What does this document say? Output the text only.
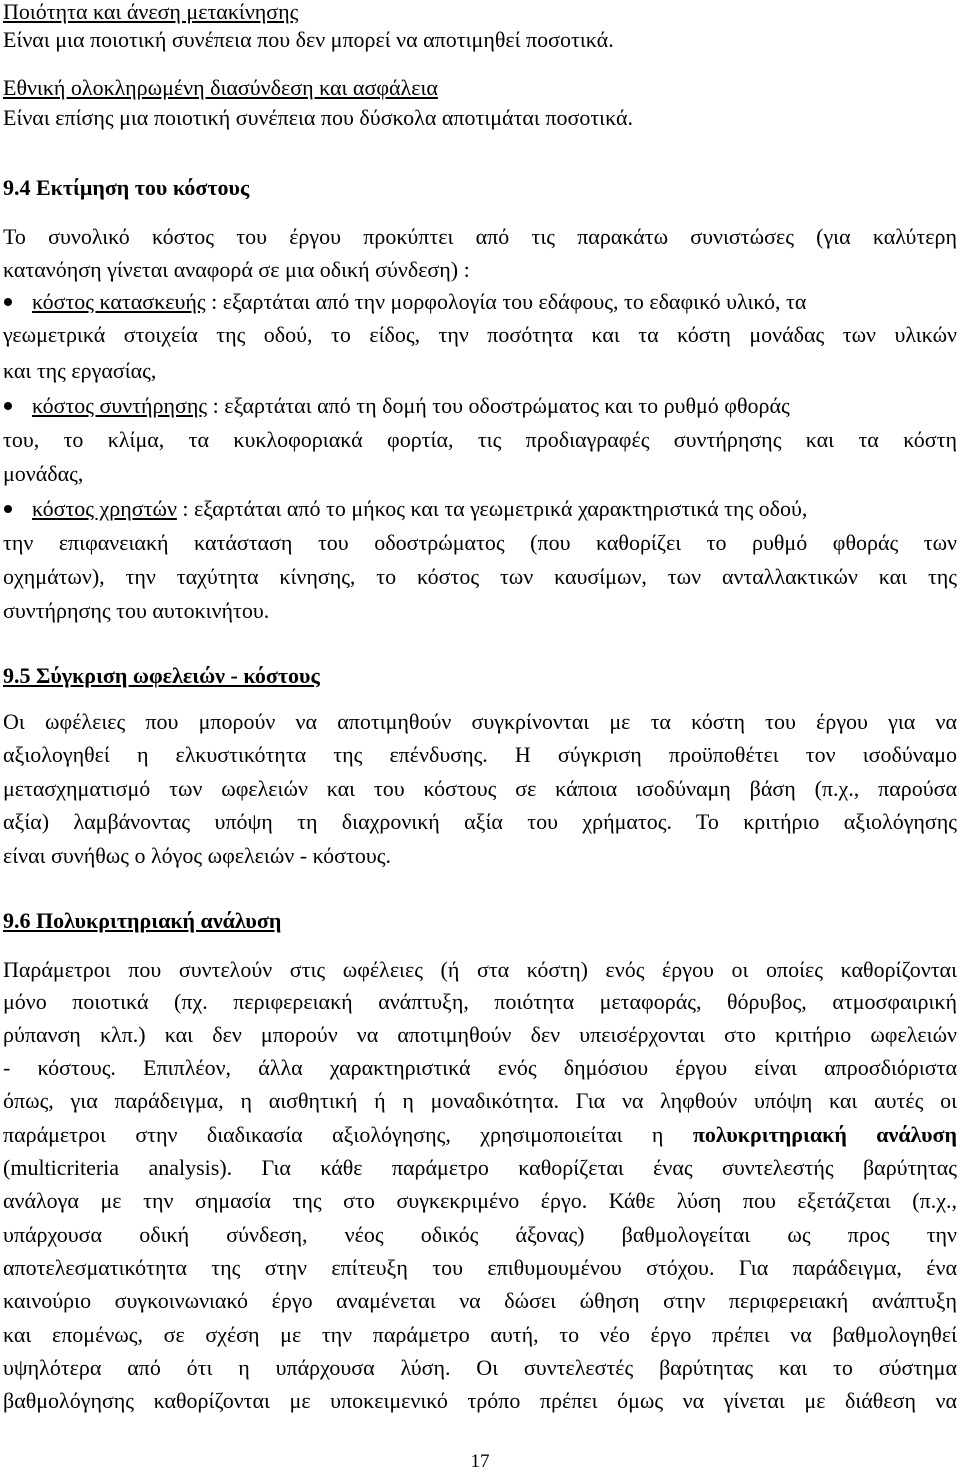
Ποιότητα και άνεση μετακίνησης
Είναι μια ποιοτική συνέπεια που δεν μπορεί να αποτιμηθεί ποσοτικά.
Εθνική ολοκληρωμένη διασύνδεση και ασφάλεια
Είναι επίσης μια ποιοτική συνέπεια που δύσκολα αποτιμάται ποσοτικά.
9.4 Εκτίμηση του κόστους
Το συνολικό κόστος του έργου προκύπτει από τις παρακάτω συνιστώσες (για καλύτερη
κατανόηση γίνεται αναφορά σε μια οδική σύνδεση) :
κόστος κατασκευής : εξαρτάται από την μορφολογία του εδάφους, το εδαφικό υλικό, τα
γεωμετρικά στοιχεία της οδού, το είδος, την ποσότητα και τα κόστη μονάδας των υλικών
και της εργασίας,
κόστος συντήρησης : εξαρτάται από τη δομή του οδοστρώματος και το ρυθμό φθοράς
του, το κλίμα, τα κυκλοφοριακά φορτία, τις προδιαγραφές συντήρησης και τα κόστη
μονάδας,
κόστος χρηστών : εξαρτάται από το μήκος και τα γεωμετρικά χαρακτηριστικά της οδού,
την επιφανειακή κατάσταση του οδοστρώματος (που καθορίζει το ρυθμό φθοράς των
οχημάτων), την ταχύτητα κίνησης, το κόστος των καυσίμων, των ανταλλακτικών και της
συντήρησης του αυτοκινήτου.
9.5 Σύγκριση ωφελειών - κόστους
Οι ωφέλειες που μπορούν να αποτιμηθούν συγκρίνονται με τα κόστη του έργου για να
αξιολογηθεί η ελκυστικότητα της επένδυσης. Η σύγκριση προϋποθέτει τον ισοδύναμο
μετασχηματισμό των ωφελειών και του κόστους σε κάποια ισοδύναμη βάση (π.χ., παρούσα
αξία) λαμβάνοντας υπόψη τη διαχρονική αξία του χρήματος. Το κριτήριο αξιολόγησης
είναι συνήθως ο λόγος ωφελειών - κόστους.
9.6 Πολυκριτηριακή ανάλυση
Παράμετροι που συντελούν στις ωφέλειες (ή στα κόστη) ενός έργου οι οποίες καθορίζονται
μόνο ποιοτικά (πχ. περιφερειακή ανάπτυξη, ποιότητα μεταφοράς, θόρυβος, ατμοσφαιρική
ρύπανση κλπ.) και δεν μπορούν να αποτιμηθούν δεν υπεισέρχονται στο κριτήριο ωφελειών
- κόστους. Επιπλέον, άλλα χαρακτηριστικά ενός δημόσιου έργου είναι απροσδιόριστα
όπως, για παράδειγμα, η αισθητική ή η μοναδικότητα. Για να ληφθούν υπόψη και αυτές οι
παράμετροι στην διαδικασία αξιολόγησης, χρησιμοποιείται η πολυκριτηριακή ανάλυση
(multicriteria analysis). Για κάθε παράμετρο καθορίζεται ένας συντελεστής βαρύτητας
ανάλογα με την σημασία της στο συγκεκριμένο έργο. Κάθε λύση που εξετάζεται (π.χ.,
υπάρχουσα οδική σύνδεση, νέος οδικός άξονας) βαθμολογείται ως προς την
αποτελεσματικότητα της στην επίτευξη του επιθυμουμένου στόχου. Για παράδειγμα, ένα
καινούριο συγκοινωνιακό έργο αναμένεται να δώσει ώθηση στην περιφερειακή ανάπτυξη
και επομένως, σε σχέση με την παράμετρο αυτή, το νέο έργο πρέπει να βαθμολογηθεί
υψηλότερα από ότι η υπάρχουσα λύση. Οι συντελεστές βαρύτητας και το σύστημα
βαθμολόγησης καθορίζονται με υποκειμενικό τρόπο πρέπει όμως να γίνεται με διάθεση να
17
